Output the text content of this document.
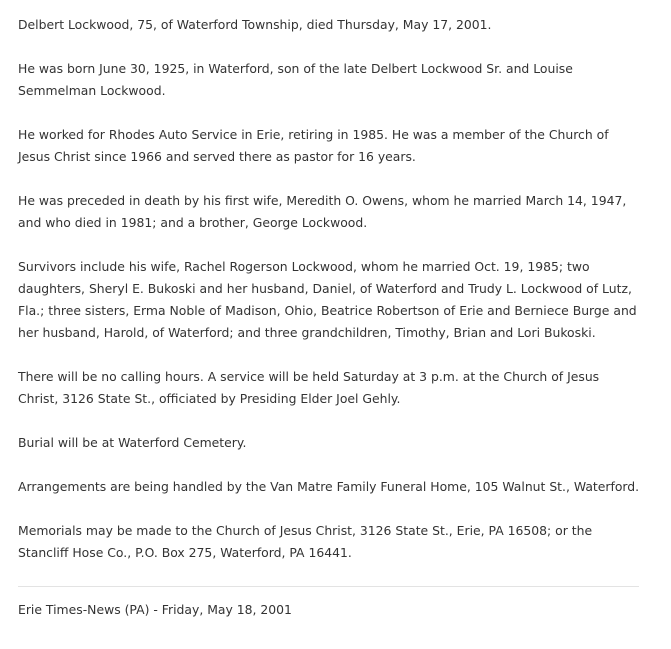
Delbert Lockwood, 75, of Waterford Township, died Thursday, May 17, 2001.

He was born June 30, 1925, in Waterford, son of the late Delbert Lockwood Sr. and Louise Semmelman Lockwood.

He worked for Rhodes Auto Service in Erie, retiring in 1985. He was a member of the Church of Jesus Christ since 1966 and served there as pastor for 16 years.

He was preceded in death by his first wife, Meredith O. Owens, whom he married March 14, 1947, and who died in 1981; and a brother, George Lockwood.

Survivors include his wife, Rachel Rogerson Lockwood, whom he married Oct. 19, 1985; two daughters, Sheryl E. Bukoski and her husband, Daniel, of Waterford and Trudy L. Lockwood of Lutz, Fla.; three sisters, Erma Noble of Madison, Ohio, Beatrice Robertson of Erie and Berniece Burge and her husband, Harold, of Waterford; and three grandchildren, Timothy, Brian and Lori Bukoski.

There will be no calling hours. A service will be held Saturday at 3 p.m. at the Church of Jesus Christ, 3126 State St., officiated by Presiding Elder Joel Gehly.

Burial will be at Waterford Cemetery.

Arrangements are being handled by the Van Matre Family Funeral Home, 105 Walnut St., Waterford.

Memorials may be made to the Church of Jesus Christ, 3126 State St., Erie, PA 16508; or the Stancliff Hose Co., P.O. Box 275, Waterford, PA 16441.

Erie Times-News (PA) - Friday, May 18, 2001
